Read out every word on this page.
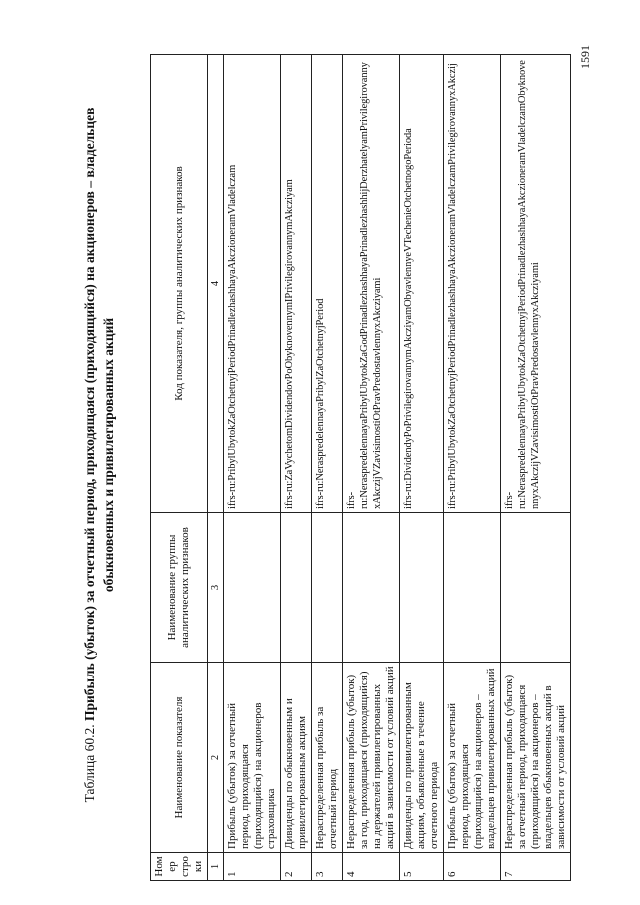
Таблица 60.2. Прибыль (убыток) за отчетный период, приходящаяся (приходящийся) на акционеров – владельцев обыкновенных и привилегированных акций
Номер строки	Наименование показателя	Наименование группы аналитических признаков	Код показателя, группы аналитических признаков
1	2	3	4
1	Прибыль (убыток) за отчетный период, приходящаяся (приходящийся) на акционеров страховщика		ifrs-ru:PribylUbytokZaOtchetnyjPeriodPrinadlezhashhayaAkczioneramVladelczam
2	Дивиденды по обыкновенным и привилегированным акциям		ifrs-ru:ZaVychetomDividendovPoObyknovennymIPrivilegirovannymAkcziyam
3	Нераспределенная прибыль за отчетный период		ifrs-ru:NeraspredelennayaPribylZaOtchetnyjPeriod
4	Нераспределенная прибыль (убыток) за год, приходящаяся (приходящийся) на держателей привилегированных акций в зависимости от условий акций		ifrs-ru:NeraspredelennayaPribylUbytokZaGodPrinadlezhashhayaPrinadlezhashhijDerzhatelyamPrivilegirovannyxAkczijVZavisimostiOtPravPredostavlennyxAkcziyami
5	Дивиденды по привилегированным акциям, объявленные в течение отчетного периода		ifrs-ru:DividendyPoPrivilegirovannymAkcziyamObyavlennyeVTechenieOtchetnogoPerioda
6	Прибыль (убыток) за отчетный период, приходящаяся (приходящийся) на акционеров – владельцев привилегированных акций		ifrs-ru:PribylUbytokZaOtchetnyjPeriodPrinadlezhashhayaAkczioneramVladelczamPrivilegirovannyxAkczij
7	Нераспределенная прибыль (убыток) за отчетный период, приходящаяся (приходящийся) на акционеров – владельцев обыкновенных акций в зависимости от условий акций		ifrs-ru:NeraspredelennayaPribylUbytokZaOtchetnyjPeriodPrinadlezhashhayaAkczioneramVladelczamObyknovennyxAkczijVZavisimostiOtPravPredostavlennyxAkcziyami
1591
